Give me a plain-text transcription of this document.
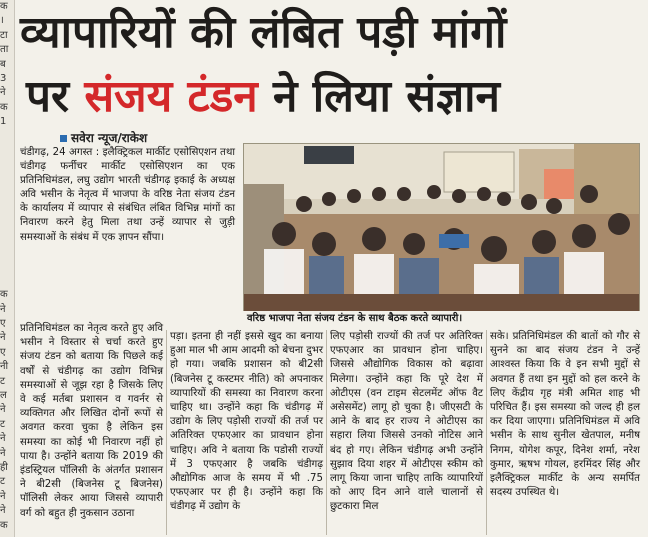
क
।
टा
ता
ब
3
ने
क
1

क
ने
ए
ने
ए
नी
ट
ल
ने
ट
ने
ने
ही
ट
ने
ने
क
व्यापारियों की लंबित पड़ी मांगों
पर संजय टंडन ने लिया संज्ञान
सवेरा न्यूज/राकेश

चंडीगढ़, 24 अगस्त : इलैक्ट्रिकल मार्कीट एसोसिएशन तथा चंडीगढ़ फर्नीचर मार्कीट एसोसिएशन का एक प्रतिनिधिमंडल, लघु उद्योग भारती चंडीगढ़ इकाई के अध्यक्ष अवि भसीन के नेतृत्व में भाजपा के वरिष्ठ नेता संजय टंडन के कार्यालय में व्यापार से संबंधित लंबित विभिन्न मांगों का निवारण करने हेतु मिला तथा उन्हें व्यापार से जुड़ी समस्याओं के संबंध में एक ज्ञापन सौंपा।

वरिष्ठ भाजपा नेता संजय टंडन के साथ बैठक करते व्यापारी।

प्रतिनिधिमंडल का नेतृत्व करते हुए अवि भसीन ने विस्तार से चर्चा करते हुए संजय टंडन को बताया कि पिछले कई वर्षों से चंडीगढ़ का उद्योग विभिन्न समस्याओं से जूझ रहा है जिसके लिए वे कई मर्तबा प्रशासन व गवर्नर से व्यक्तिगत और लिखित दोनों रूपों से अवगत करवा चुका है लेकिन इस समस्या का कोई भी निवारण नहीं हो पाया है। उन्होंने बताया कि 2019 की इंडस्ट्रियल पॉलिसी के अंतर्गत प्रशासन ने बी2सी (बिजनेस टू बिजनेस) पॉलिसी लेकर आया जिससे व्यापारी वर्ग को बहुत ही नुकसान उठाना

पड़ा। इतना ही नहीं इससे खुद का बनाया हुआ माल भी आम आदमी को बेचना दुभर हो गया। जबकि प्रशासन को बी2सी (बिजनेस टू कस्टमर नीति) को अपनाकर व्यापारियों की समस्या का निवारण करना चाहिए था। उन्होंने कहा कि चंडीगढ़ में उद्योग के लिए पड़ोसी राज्यों की तर्ज पर अतिरिक्त एफएआर का प्रावधान होना चाहिए। अवि ने बताया कि पडोसी राज्यों में 3 एफएआर है जबकि चंडीगढ़ औद्योगिक आज के समय में भी .75 एफएआर पर ही है। उन्होंने कहा कि चंडीगढ़ में उद्योग के

लिए पड़ोसी राज्यों की तर्ज पर अतिरिक्त एफएआर का प्रावधान होना चाहिए। जिससे औद्योगिक विकास को बढ़ावा मिलेगा। उन्होंने कहा कि पूरे देश में ओटीएस (वन टाइम सेटलमेंट ऑफ वैट असेसमेंट) लागू हो चुका है। जीएसटी के आने के बाद हर राज्य ने ओटीएस का सहारा लिया जिससे उनको नोटिस आने बंद हो गए। लेकिन चंडीगढ़ अभी उन्होंने सुझाव दिया शहर में ओटीएस स्कीम को लागू किया जाना चाहिए ताकि व्यापारियों को आए दिन आने वाले चालानों से छुटकारा मिल

सके। प्रतिनिधिमंडल की बातों को गौर से सुनने का बाद संजय टंडन ने उन्हें आश्वस्त किया कि वे इन सभी मुद्दों से अवगत हैं तथा इन मुद्दों को हल करने के लिए केंद्रीय गृह मंत्री अमित शाह भी परिचित हैं। इस समस्या को जल्द ही हल कर दिया जाएगा। प्रतिनिधिमंडल में अवि भसीन के साथ सुनील खेतपाल, मनीष निगम, योगेश कपूर, दिनेश शर्मा, नरेश कुमार, ऋषभ गोयल, हरमिंदर सिंह और इलैक्ट्रिकल मार्कीट के अन्य समर्पित सदस्य उपस्थित थे।
